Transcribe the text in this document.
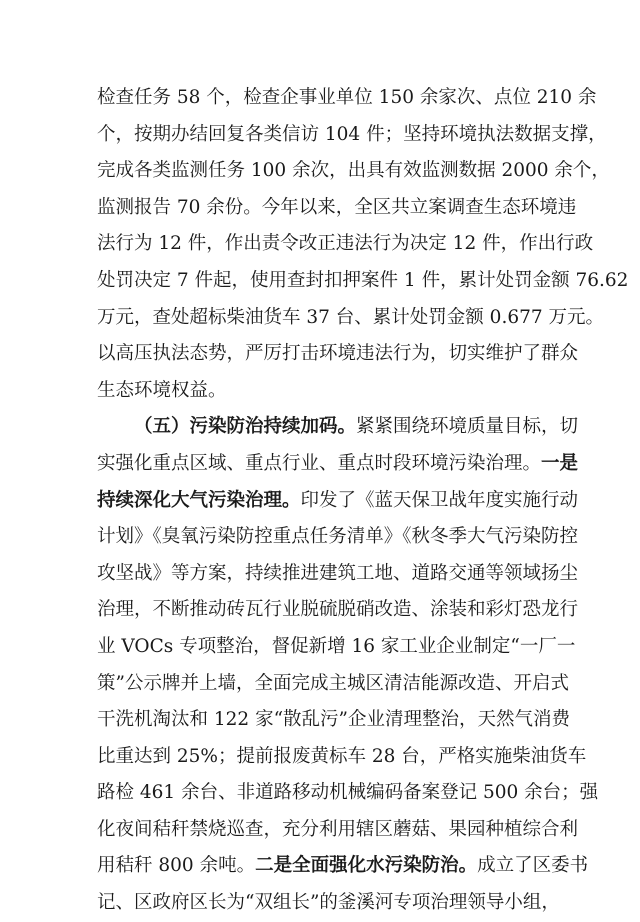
检查任务 58 个，检查企事业单位 150 余家次、点位 210 余
个，按期办结回复各类信访 104 件；坚持环境执法数据支撑，
完成各类监测任务 100 余次，出具有效监测数据 2000 余个，
监测报告 70 余份。今年以来，全区共立案调查生态环境违
法行为 12 件，作出责令改正违法行为决定 12 件，作出行政
处罚决定 7 件起，使用查封扣押案件 1 件，累计处罚金额 76.62
万元，查处超标柴油货车 37 台、累计处罚金额 0.677 万元。
以高压执法态势，严厉打击环境违法行为，切实维护了群众
生态环境权益。
（五）污染防治持续加码。紧紧围绕环境质量目标，切
实强化重点区域、重点行业、重点时段环境污染治理。一是
持续深化大气污染治理。印发了《蓝天保卫战年度实施行动
计划》《臭氧污染防控重点任务清单》《秋冬季大气污染防控
攻坚战》等方案，持续推进建筑工地、道路交通等领域扬尘
治理，不断推动砖瓦行业脱硫脱硝改造、涂装和彩灯恐龙行
业 VOCs 专项整治，督促新增 16 家工业企业制定“一厂一
策”公示牌并上墙，全面完成主城区清洁能源改造、开启式
干洗机淘汰和 122 家“散乱污”企业清理整治，天然气消费
比重达到 25%；提前报废黄标车 28 台，严格实施柴油货车
路检 461 余台、非道路移动机械编码备案登记 500 余台；强
化夜间秸秆禁烧巡查，充分利用辖区蘑菇、果园种植综合利
用秸秆 800 余吨。二是全面强化水污染防治。成立了区委书
记、区政府区长为“双组长”的釜溪河专项治理领导小组，
